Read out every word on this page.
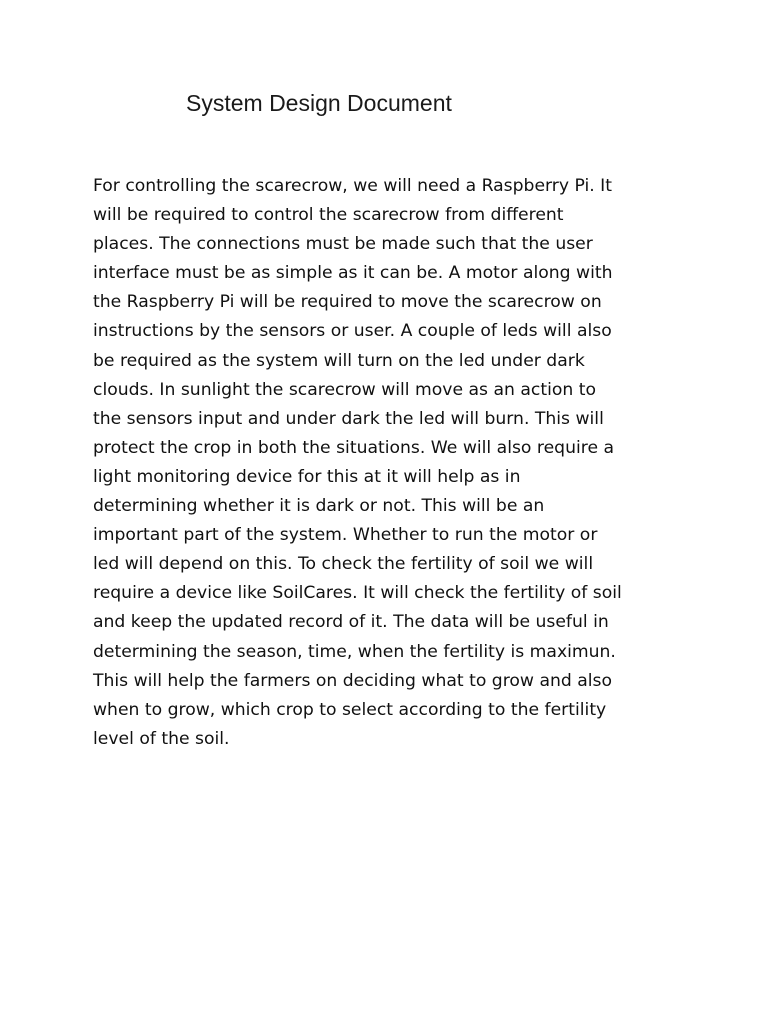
System Design Document
For controlling the scarecrow, we will need a Raspberry Pi. It
will be required to control the scarecrow from different
places. The connections must be made such that the user
interface must be as simple as it can be. A motor along with
the Raspberry Pi will be required to move the scarecrow on
instructions by the sensors or user. A couple of leds will also
be required as the system will turn on the led under dark
clouds. In sunlight the scarecrow will move as an action to
the sensors input and under dark the led will burn. This will
protect the crop in both the situations. We will also require a
light monitoring device for this at it will help as in
determining whether it is dark or not. This will be an
important part of the system. Whether to run the motor or
led will depend on this. To check the fertility of soil we will
require a device like SoilCares. It will check the fertility of soil
and keep the updated record of it. The data will be useful in
determining the season, time, when the fertility is maximun.
This will help the farmers on deciding what to grow and also
when to grow, which crop to select according to the fertility
level of the soil.
